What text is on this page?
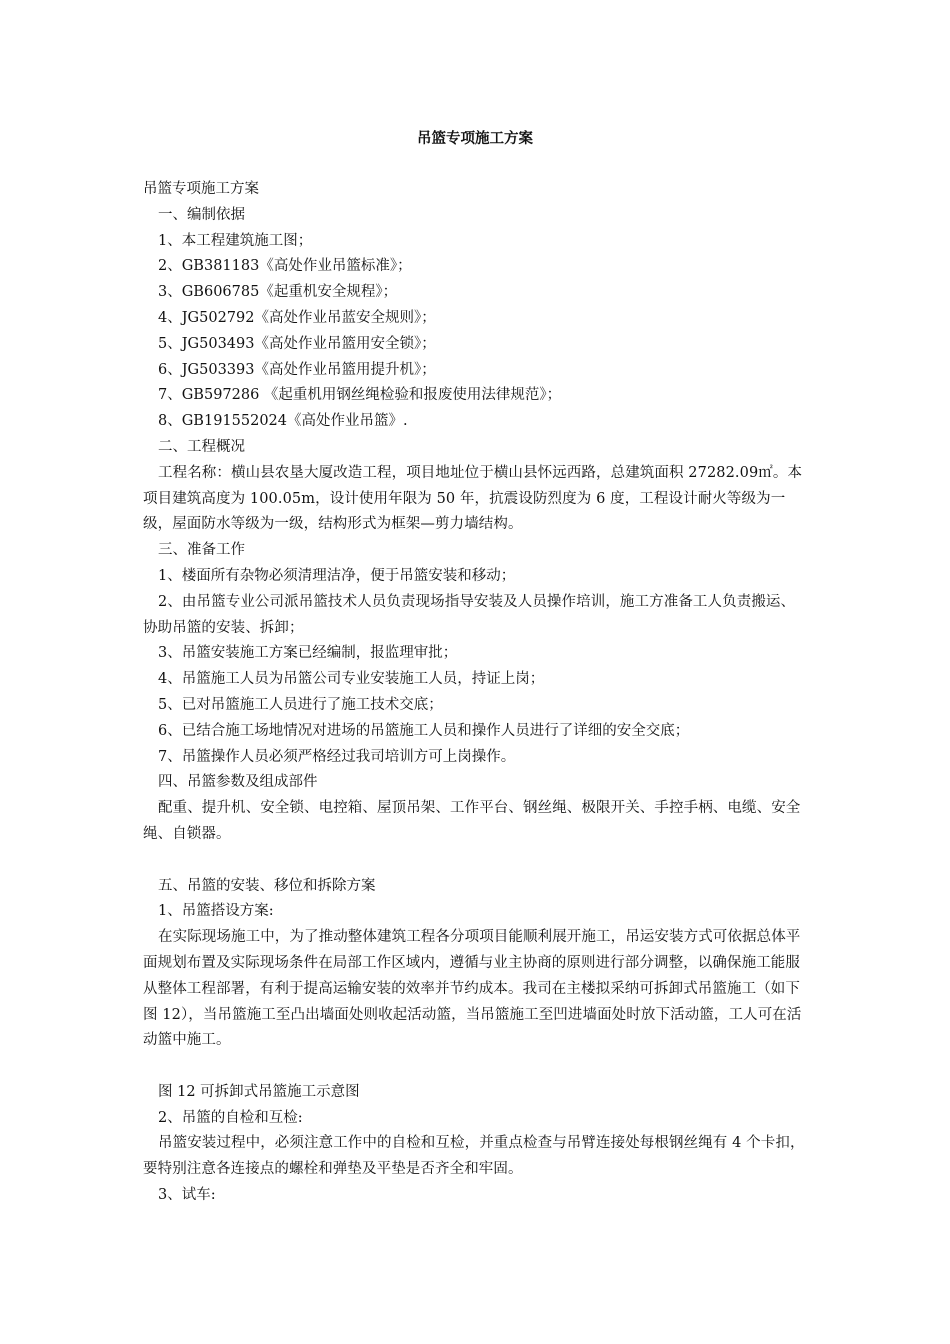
吊篮专项施工方案

吊篮专项施工方案

一、编制依据

1、本工程建筑施工图；

2、GB381183《高处作业吊篮标准》；

3、GB606785《起重机安全规程》；

4、JG502792《高处作业吊蓝安全规则》；

5、JG503493《高处作业吊篮用安全锁》；

6、JG503393《高处作业吊篮用提升机》；

7、GB597286 《起重机用钢丝绳检验和报废使用法律规范》；

8、GB191552024《高处作业吊篮》.

二、工程概况

工程名称：横山县农垦大厦改造工程，项目地址位于横山县怀远西路，总建筑面积 27282.09㎡。本项目建筑高度为 100.05m，设计使用年限为 50 年，抗震设防烈度为 6 度，工程设计耐火等级为一级，屋面防水等级为一级，结构形式为框架—剪力墙结构。

三、准备工作

1、楼面所有杂物必须清理洁净，便于吊篮安装和移动；

2、由吊篮专业公司派吊篮技术人员负责现场指导安装及人员操作培训，施工方准备工人负责搬运、协助吊篮的安装、拆卸；

3、吊篮安装施工方案已经编制，报监理审批；

4、吊篮施工人员为吊篮公司专业安装施工人员，持证上岗；

5、已对吊篮施工人员进行了施工技术交底；

6、已结合施工场地情况对进场的吊篮施工人员和操作人员进行了详细的安全交底；

7、吊篮操作人员必须严格经过我司培训方可上岗操作。

四、吊篮参数及组成部件

配重、提升机、安全锁、电控箱、屋顶吊架、工作平台、钢丝绳、极限开关、手控手柄、电缆、安全绳、自锁器。

五、吊篮的安装、移位和拆除方案

1、吊篮搭设方案:

在实际现场施工中，为了推动整体建筑工程各分项项目能顺利展开施工，吊运安装方式可依据总体平面规划布置及实际现场条件在局部工作区域内，遵循与业主协商的原则进行部分调整，以确保施工能服从整体工程部署，有利于提高运输安装的效率并节约成本。我司在主楼拟采纳可拆卸式吊篮施工（如下图 12），当吊篮施工至凸出墙面处则收起活动篮，当吊篮施工至凹进墙面处时放下活动篮，工人可在活动篮中施工。

图 12 可拆卸式吊篮施工示意图

2、吊篮的自检和互检:

吊篮安装过程中，必须注意工作中的自检和互检，并重点检查与吊臂连接处每根钢丝绳有 4 个卡扣，要特别注意各连接点的螺栓和弹垫及平垫是否齐全和牢固。

3、试车:
